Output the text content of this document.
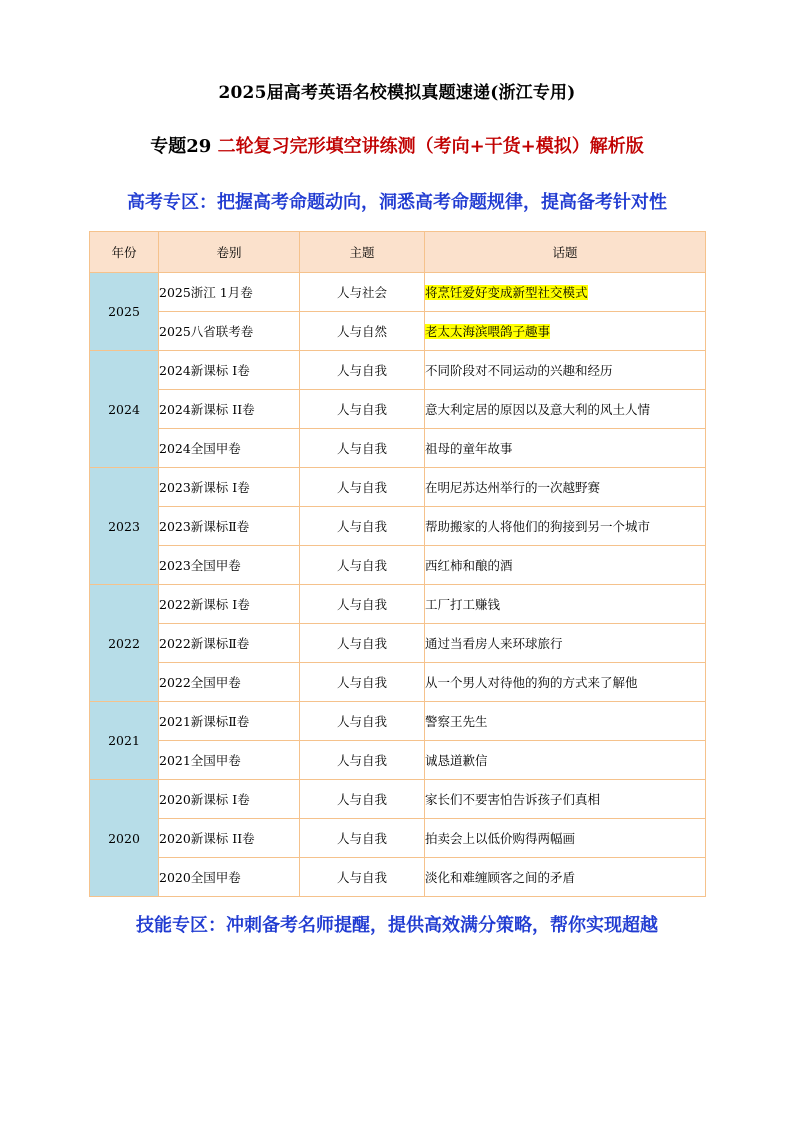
2025届高考英语名校模拟真题速递(浙江专用)
专题29 二轮复习完形填空讲练测（考向+干货+模拟）解析版
高考专区：把握高考命题动向，洞悉高考命题规律，提高备考针对性
年份	卷别	主题	话题
2025	2025浙江 1月卷	人与社会	将烹饪爱好变成新型社交模式
	2025八省联考卷	人与自然	老太太海滨喂鸽子趣事
2024	2024新课标 I卷	人与自我	不同阶段对不同运动的兴趣和经历
	2024新课标 II卷	人与自我	意大利定居的原因以及意大利的风土人情
	2024全国甲卷	人与自我	祖母的童年故事
2023	2023新课标 I卷	人与自我	在明尼苏达州举行的一次越野赛
	2023新课标Ⅱ卷	人与自我	帮助搬家的人将他们的狗接到另一个城市
	2023全国甲卷	人与自我	西红柿和酿的酒
2022	2022新课标 I卷	人与自我	工厂打工赚钱
	2022新课标Ⅱ卷	人与自我	通过当看房人来环球旅行
	2022全国甲卷	人与自我	从一个男人对待他的狗的方式来了解他
2021	2021新课标Ⅱ卷	人与自我	警察王先生
	2021全国甲卷	人与自我	诚恳道歉信
2020	2020新课标 I卷	人与自我	家长们不要害怕告诉孩子们真相
	2020新课标 II卷	人与自我	拍卖会上以低价购得两幅画
	2020全国甲卷	人与自我	淡化和难缠顾客之间的矛盾
技能专区：冲刺备考名师提醒，提供高效满分策略，帮你实现超越
